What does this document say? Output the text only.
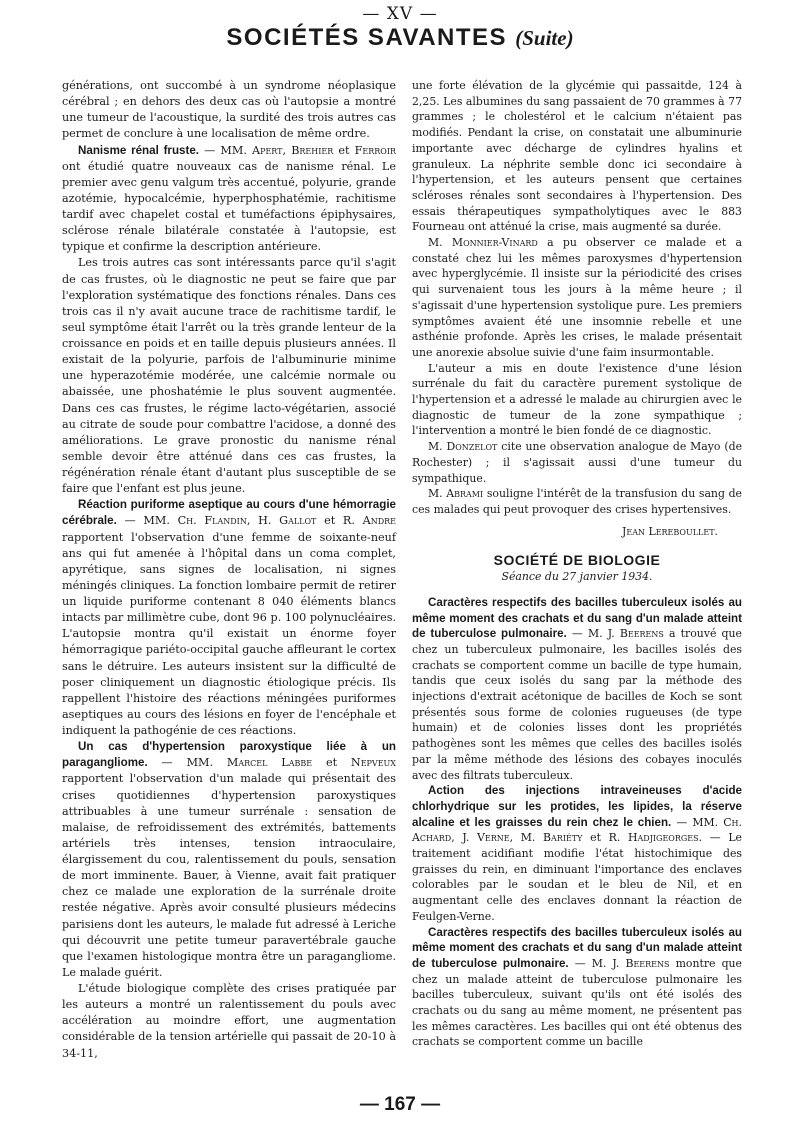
— XV —
SOCIÉTÉS SAVANTES (Suite)

générations, ont succombé à un syndrome néoplasique cérébral ; en dehors des deux cas où l'autopsie a montré une tumeur de l'acoustique, la surdité des trois autres cas permet de conclure à une localisation de même ordre.

Nanisme rénal fruste. — MM. Apert, Brehier et Ferroir ont étudié quatre nouveaux cas de nanisme rénal. Le premier avec genu valgum très accentué, polyurie, grande azotémie, hypocalcémie, hyperphosphatémie, rachitisme tardif avec chapelet costal et tuméfactions épiphysaires, sclérose rénale bilatérale constatée à l'autopsie, est typique et confirme la description antérieure.

Les trois autres cas sont intéressants parce qu'il s'agit de cas frustes, où le diagnostic ne peut se faire que par l'exploration systématique des fonctions rénales. Dans ces trois cas il n'y avait aucune trace de rachitisme tardif, le seul symptôme était l'arrêt ou la très grande lenteur de la croissance en poids et en taille depuis plusieurs années. Il existait de la polyurie, parfois de l'albuminurie minime une hyperazotémie modérée, une calcémie normale ou abaissée, une phoshatémie le plus souvent augmentée. Dans ces cas frustes, le régime lacto-végétarien, associé au citrate de soude pour combattre l'acidose, a donné des améliorations. Le grave pronostic du nanisme rénal semble devoir être atténué dans ces cas frustes, la régénération rénale étant d'autant plus susceptible de se faire que l'enfant est plus jeune.

Réaction puriforme aseptique au cours d'une hémorragie cérébrale. — MM. Ch. Flandin, H. Gallot et R. Andre rapportent l'observation d'une femme de soixante-neuf ans qui fut amenée à l'hôpital dans un coma complet, apyrétique, sans signes de localisation, ni signes méningés cliniques. La fonction lombaire permit de retirer un liquide puriforme contenant 8 040 éléments blancs intacts par millimètre cube, dont 96 p. 100 polynucléaires. L'autopsie montra qu'il existait un énorme foyer hémorragique pariéto-occipital gauche affleurant le cortex sans le détruire. Les auteurs insistent sur la difficulté de poser cliniquement un diagnostic étiologique précis. Ils rappellent l'histoire des réactions méningées puriformes aseptiques au cours des lésions en foyer de l'encéphale et indiquent la pathogénie de ces réactions.

Un cas d'hypertension paroxystique liée à un paragangliome. — MM. Marcel Labbe et Nepveux rapportent l'observation d'un malade qui présentait des crises quotidiennes d'hypertension paroxystiques attribuables à une tumeur surrénale : sensation de malaise, de refroidissement des extrémités, battements artériels très intenses, tension intraoculaire, élargissement du cou, ralentissement du pouls, sensation de mort imminente. Bauer, à Vienne, avait fait pratiquer chez ce malade une exploration de la surrénale droite restée négative. Après avoir consulté plusieurs médecins parisiens dont les auteurs, le malade fut adressé à Leriche qui découvrit une petite tumeur paravertébrale gauche que l'examen histologique montra être un paragangliome. Le malade guérit.

L'étude biologique complète des crises pratiquée par les auteurs a montré un ralentissement du pouls avec accélération au moindre effort, une augmentation considérable de la tension artérielle qui passait de 20-10 à 34-11,

une forte élévation de la glycémie qui passaitde, 124 à 2,25. Les albumines du sang passaient de 70 grammes à 77 grammes ; le cholestérol et le calcium n'étaient pas modifiés. Pendant la crise, on constatait une albuminurie importante avec décharge de cylindres hyalins et granuleux. La néphrite semble donc ici secondaire à l'hypertension, et les auteurs pensent que certaines scléroses rénales sont secondaires à l'hypertension. Des essais thérapeutiques sympatholytiques avec le 883 Fourneau ont atténué la crise, mais augmenté sa durée.

M. Monnier-Vinard a pu observer ce malade et a constaté chez lui les mêmes paroxysmes d'hypertension avec hyperglycémie. Il insiste sur la périodicité des crises qui survenaient tous les jours à la même heure ; il s'agissait d'une hypertension systolique pure. Les premiers symptômes avaient été une insomnie rebelle et une asthénie profonde. Après les crises, le malade présentait une anorexie absolue suivie d'une faim insurmontable.

L'auteur a mis en doute l'existence d'une lésion surrénale du fait du caractère purement systolique de l'hypertension et a adressé le malade au chirurgien avec le diagnostic de tumeur de la zone sympathique ; l'intervention a montré le bien fondé de ce diagnostic.

M. Donzelot cite une observation analogue de Mayo (de Rochester) ; il s'agissait aussi d'une tumeur du sympathique.

M. Abrami souligne l'intérêt de la transfusion du sang de ces malades qui peut provoquer des crises hypertensives.

Jean Lereboullet.
SOCIÉTÉ DE BIOLOGIE
Séance du 27 janvier 1934.

Caractères respectifs des bacilles tuberculeux isolés au même moment des crachats et du sang d'un malade atteint de tuberculose pulmonaire. — M. J. Beerens a trouvé que chez un tuberculeux pulmonaire, les bacilles isolés des crachats se comportent comme un bacille de type humain, tandis que ceux isolés du sang par la méthode des injections d'extrait acétonique de bacilles de Koch se sont présentés sous forme de colonies rugueuses (de type humain) et de colonies lisses dont les propriétés pathogènes sont les mêmes que celles des bacilles isolés par la même méthode des lésions des cobayes inoculés avec des filtrats tuberculeux.

Action des injections intraveineuses d'acide chlorhydrique sur les protides, les lipides, la réserve alcaline et les graisses du rein chez le chien. — MM. Ch. Achard, J. Verne, M. Bariéty et R. Hadjigeorges. — Le traitement acidifiant modifie l'état histochimique des graisses du rein, en diminuant l'importance des enclaves colorables par le soudan et le bleu de Nil, et en augmentant celle des enclaves donnant la réaction de Feulgen-Verne.

Caractères respectifs des bacilles tuberculeux isolés au même moment des crachats et du sang d'un malade atteint de tuberculose pulmonaire. — M. J. Beerens montre que chez un malade atteint de tuberculose pulmonaire les bacilles tuberculeux, suivant qu'ils ont été isolés des crachats ou du sang au même moment, ne présentent pas les mêmes caractères. Les bacilles qui ont été obtenus des crachats se comportent comme un bacille

— 167 —
